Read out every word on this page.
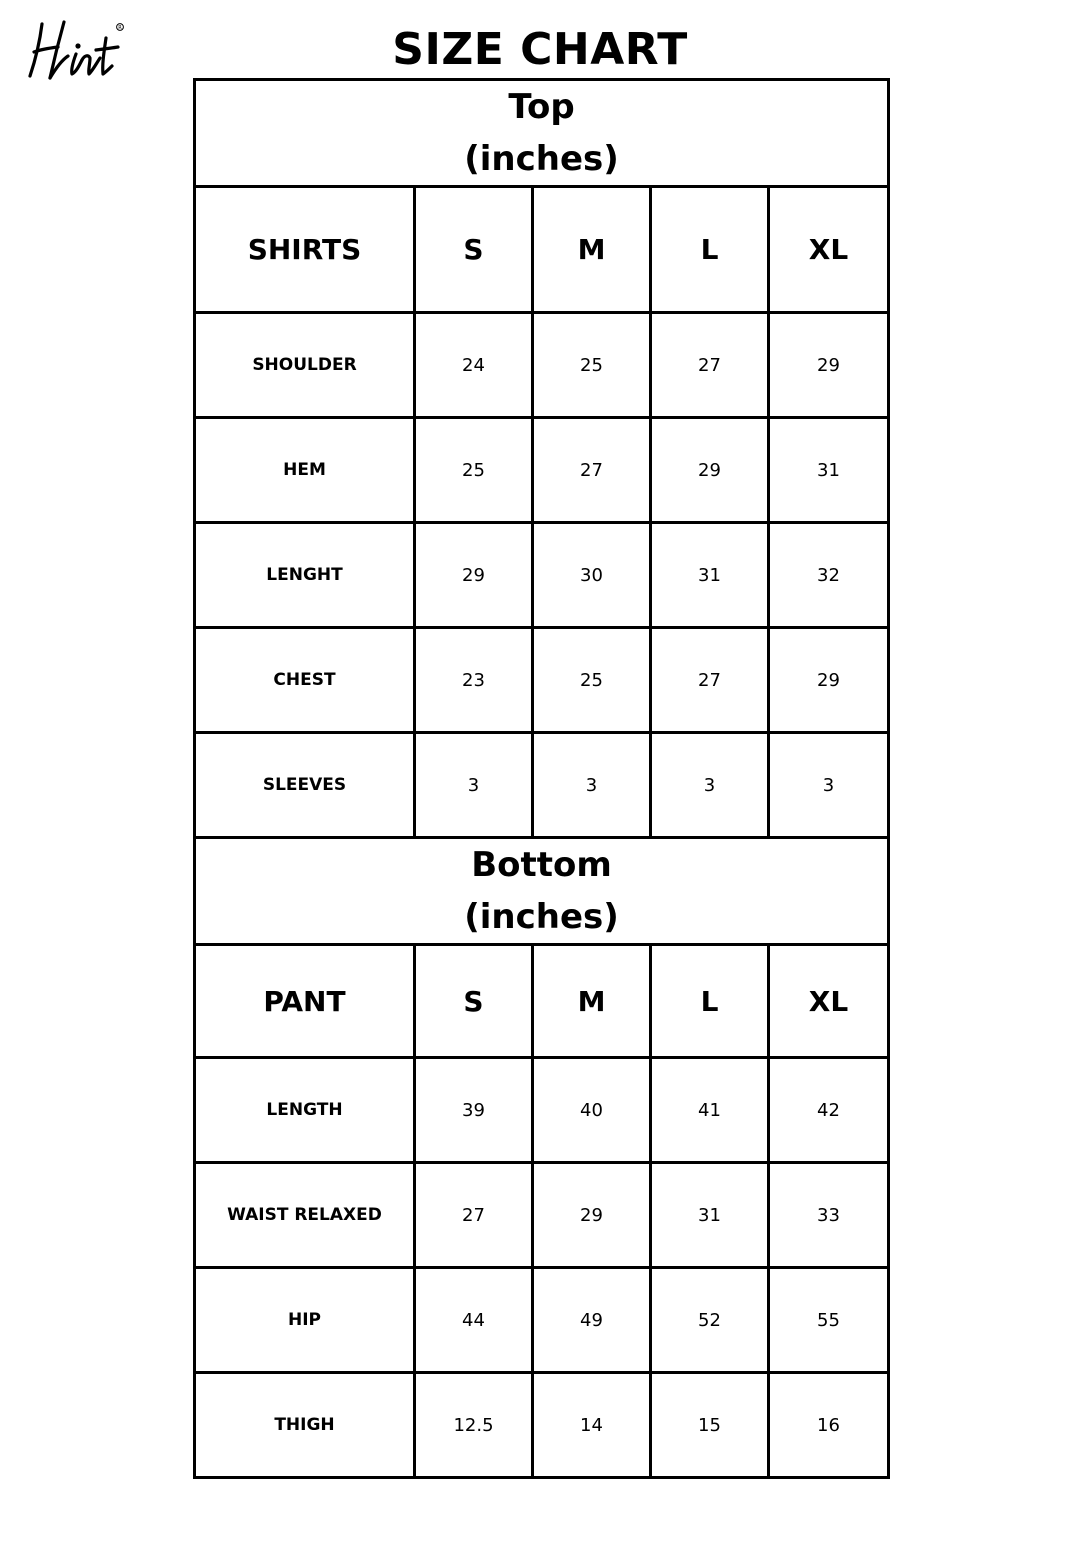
R	SIZE CHART
Top
(inches)				

SHIRTS	S	M	L	XL
SHOULDER	24	25	27	29
HEM	25	27	29	31
LENGHT	29	30	31	32
CHEST	23	25	27	29
SLEEVES	3	3	3	3

Bottom
(inches)				

PANT	S	M	L	XL
LENGTH	39	40	41	42
WAIST RELAXED	27	29	31	33
HIP	44	49	52	55
THIGH	12.5	14	15	16
